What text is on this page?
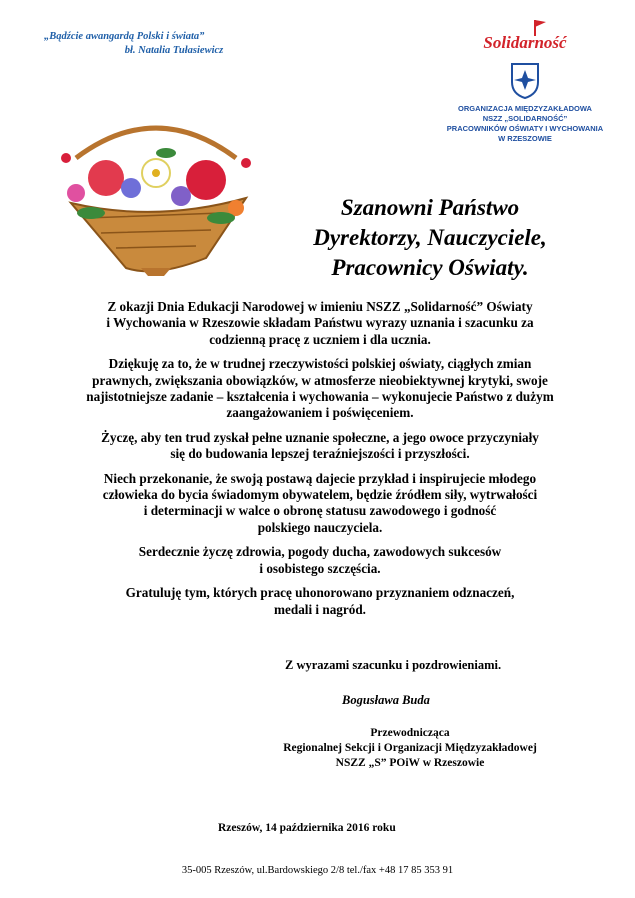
„Bądźcie awangardą Polski i świata”
bł. Natalia Tułasiewicz	Solidarność
ORGANIZACJA MIĘDZYZAKŁADOWA
NSZZ „SOLIDARNOŚĆ”
PRACOWNIKÓW OŚWIATY I WYCHOWANIA
W RZESZOWIE
Szanowni Państwo
Dyrektorzy, Nauczyciele,
Pracownicy Oświaty.

Z okazji Dnia Edukacji Narodowej w imieniu NSZZ „Solidarność” Oświaty
i Wychowania w Rzeszowie składam Państwu wyrazy uznania i szacunku za
codzienną pracę z uczniem i dla ucznia.

Dziękuję za to, że w trudnej rzeczywistości polskiej oświaty, ciągłych zmian
prawnych, zwiększania obowiązków, w atmosferze nieobiektywnej krytyki, swoje
najistotniejsze zadanie – kształcenia i wychowania – wykonujecie Państwo z dużym
zaangażowaniem i poświęceniem.

Życzę, aby ten trud zyskał pełne uznanie społeczne, a jego owoce przyczyniały
się do budowania lepszej teraźniejszości i przyszłości.

Niech przekonanie, że swoją postawą dajecie przykład i inspirujecie młodego
człowieka do bycia świadomym obywatelem, będzie źródłem siły, wytrwałości
i determinacji w walce o obronę statusu zawodowego i godność
polskiego nauczyciela.

Serdecznie życzę zdrowia, pogody ducha, zawodowych sukcesów
i osobistego szczęścia.

Gratuluję tym, których pracę uhonorowano przyznaniem odznaczeń,
medali i nagród.

Z wyrazami szacunku i pozdrowieniami.
Bogusława Buda
Przewodnicząca
Regionalnej Sekcji i Organizacji Międzyzakładowej
NSZZ „S” POiW w Rzeszowie
Rzeszów, 14 października 2016 roku
35-005 Rzeszów, ul.Bardowskiego 2/8 tel./fax +48 17 85 353 91
